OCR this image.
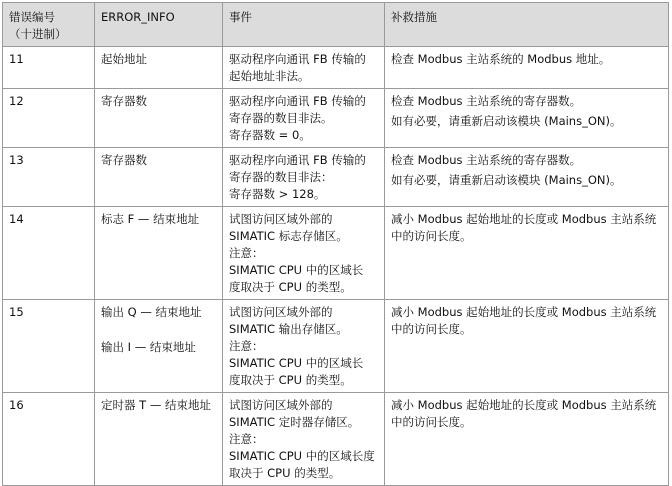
错误编号
（十进制）	ERROR_INFO	事件	补救措施
11	起始地址	驱动程序向通讯 FB 传输的
起始地址非法。	检查 Modbus 主站系统的 Modbus 地址。

12	寄存器数	驱动程序向通讯 FB 传输的
寄存器的数目非法。
寄存器数 = 0。	检查 Modbus 主站系统的寄存器数。
如有必要，请重新启动该模块 (Mains_ON)。

13	寄存器数	驱动程序向通讯 FB 传输的
寄存器的数目非法：
寄存器数 > 128。	检查 Modbus 主站系统的寄存器数。
如有必要，请重新启动该模块 (Mains_ON)。

14	标志 F — 结束地址	试图访问区域外部的
SIMATIC 标志存储区。
注意：
SIMATIC CPU 中的区域长
度取决于 CPU 的类型。	减小 Modbus 起始地址的长度或 Modbus 主站系统
中的访问长度。

15	输出 Q — 结束地址
输出 I — 结束地址	试图访问区域外部的
SIMATIC 输出存储区。
注意：
SIMATIC CPU 中的区域长
度取决于 CPU 的类型。	减小 Modbus 起始地址的长度或 Modbus 主站系统
中的访问长度。

16	定时器 T — 结束地址	试图访问区域外部的
SIMATIC 定时器存储区。
注意：
SIMATIC CPU 中的区域长度
取决于 CPU 的类型。	减小 Modbus 起始地址的长度或 Modbus 主站系统
中的访问长度。
